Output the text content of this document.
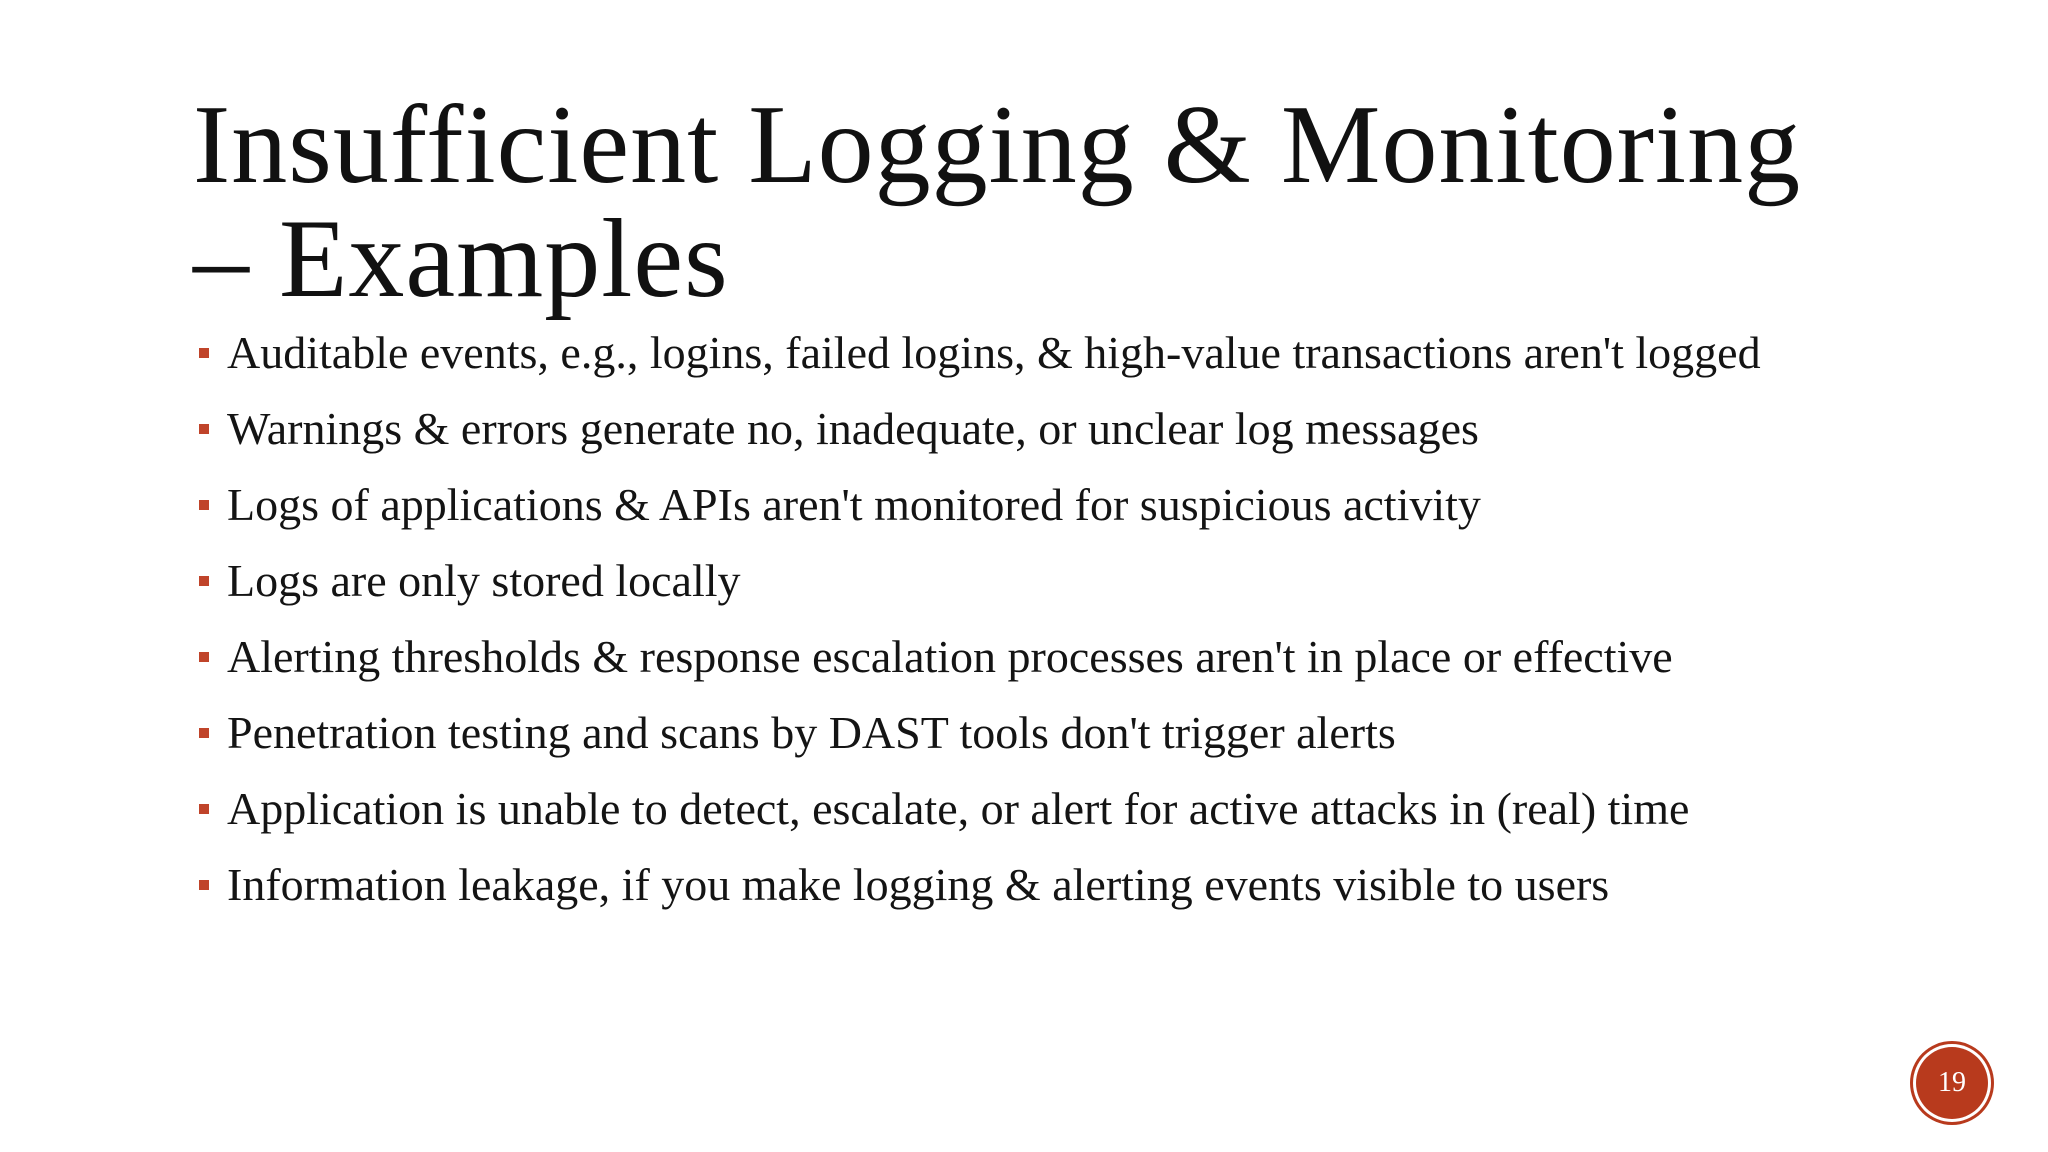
Insufficient Logging & Monitoring
– Examples
Auditable events, e.g., logins, failed logins, & high-value transactions aren't logged
Warnings & errors generate no, inadequate, or unclear log messages
Logs of applications & APIs aren't monitored for suspicious activity
Logs are only stored locally
Alerting thresholds & response escalation processes aren't in place or effective
Penetration testing and scans by DAST tools don't trigger alerts
Application is unable to detect, escalate, or alert for active attacks in (real) time
Information leakage, if you make logging & alerting events visible to users
19
